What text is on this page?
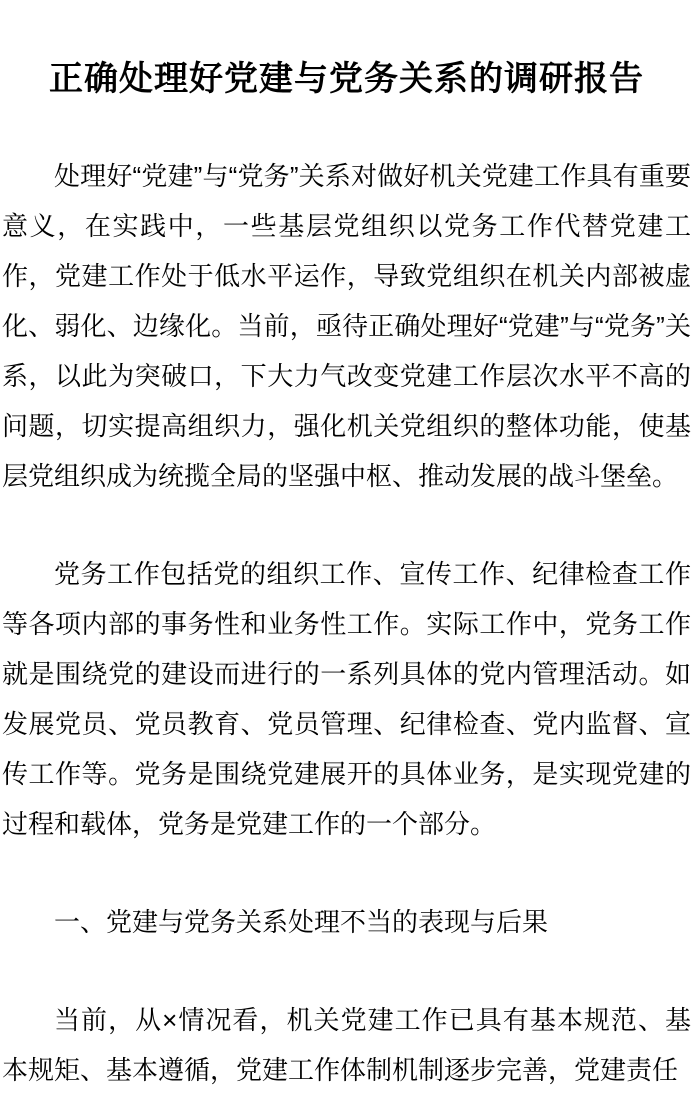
正确处理好党建与党务关系的调研报告

处理好“党建”与“党务”关系对做好机关党建工作具有重要意义，在实践中，一些基层党组织以党务工作代替党建工作，党建工作处于低水平运作，导致党组织在机关内部被虚化、弱化、边缘化。当前，亟待正确处理好“党建”与“党务”关系，以此为突破口，下大力气改变党建工作层次水平不高的问题，切实提高组织力，强化机关党组织的整体功能，使基层党组织成为统揽全局的坚强中枢、推动发展的战斗堡垒。

党务工作包括党的组织工作、宣传工作、纪律检查工作等各项内部的事务性和业务性工作。实际工作中，党务工作就是围绕党的建设而进行的一系列具体的党内管理活动。如发展党员、党员教育、党员管理、纪律检查、党内监督、宣传工作等。党务是围绕党建展开的具体业务，是实现党建的过程和载体，党务是党建工作的一个部分。

一、党建与党务关系处理不当的表现与后果

当前，从×情况看，机关党建工作已具有基本规范、基本规矩、基本遵循，党建工作体制机制逐步完善，党建责任
